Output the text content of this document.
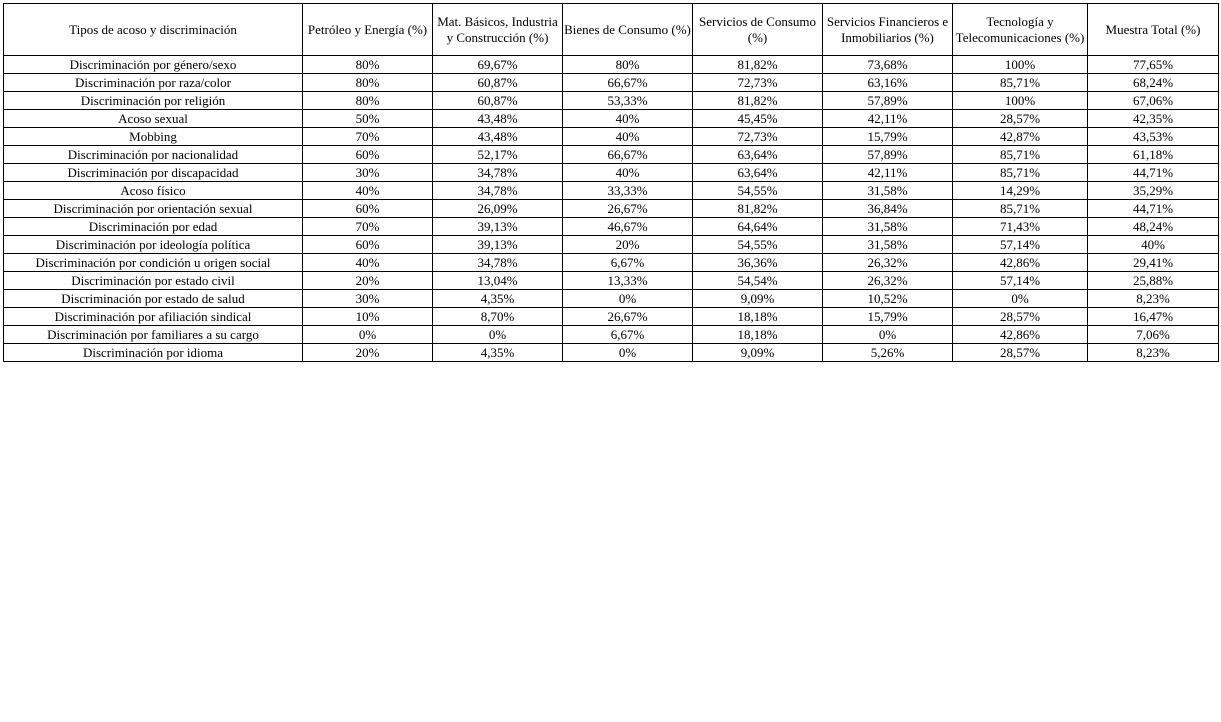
Tipos de acoso y discriminación	Petróleo y Energía (%)	Mat. Básicos, Industria y Construcción (%)	Bienes de Consumo (%)	Servicios de Consumo (%)	Servicios Financieros e Inmobiliarios (%)	Tecnología y Telecomunicaciones (%)	Muestra Total (%)
Discriminación por género/sexo	80%	69,67%	80%	81,82%	73,68%	100%	77,65%
Discriminación por raza/color	80%	60,87%	66,67%	72,73%	63,16%	85,71%	68,24%
Discriminación por religión	80%	60,87%	53,33%	81,82%	57,89%	100%	67,06%
Acoso sexual	50%	43,48%	40%	45,45%	42,11%	28,57%	42,35%
Mobbing	70%	43,48%	40%	72,73%	15,79%	42,87%	43,53%
Discriminación por nacionalidad	60%	52,17%	66,67%	63,64%	57,89%	85,71%	61,18%
Discriminación por discapacidad	30%	34,78%	40%	63,64%	42,11%	85,71%	44,71%
Acoso físico	40%	34,78%	33,33%	54,55%	31,58%	14,29%	35,29%
Discriminación por orientación sexual	60%	26,09%	26,67%	81,82%	36,84%	85,71%	44,71%
Discriminación por edad	70%	39,13%	46,67%	64,64%	31,58%	71,43%	48,24%
Discriminación por ideología política	60%	39,13%	20%	54,55%	31,58%	57,14%	40%
Discriminación por condición u origen social	40%	34,78%	6,67%	36,36%	26,32%	42,86%	29,41%
Discriminación por estado civil	20%	13,04%	13,33%	54,54%	26,32%	57,14%	25,88%
Discriminación por estado de salud	30%	4,35%	0%	9,09%	10,52%	0%	8,23%
Discriminación por afiliación sindical	10%	8,70%	26,67%	18,18%	15,79%	28,57%	16,47%
Discriminación por familiares a su cargo	0%	0%	6,67%	18,18%	0%	42,86%	7,06%
Discriminación por idioma	20%	4,35%	0%	9,09%	5,26%	28,57%	8,23%
